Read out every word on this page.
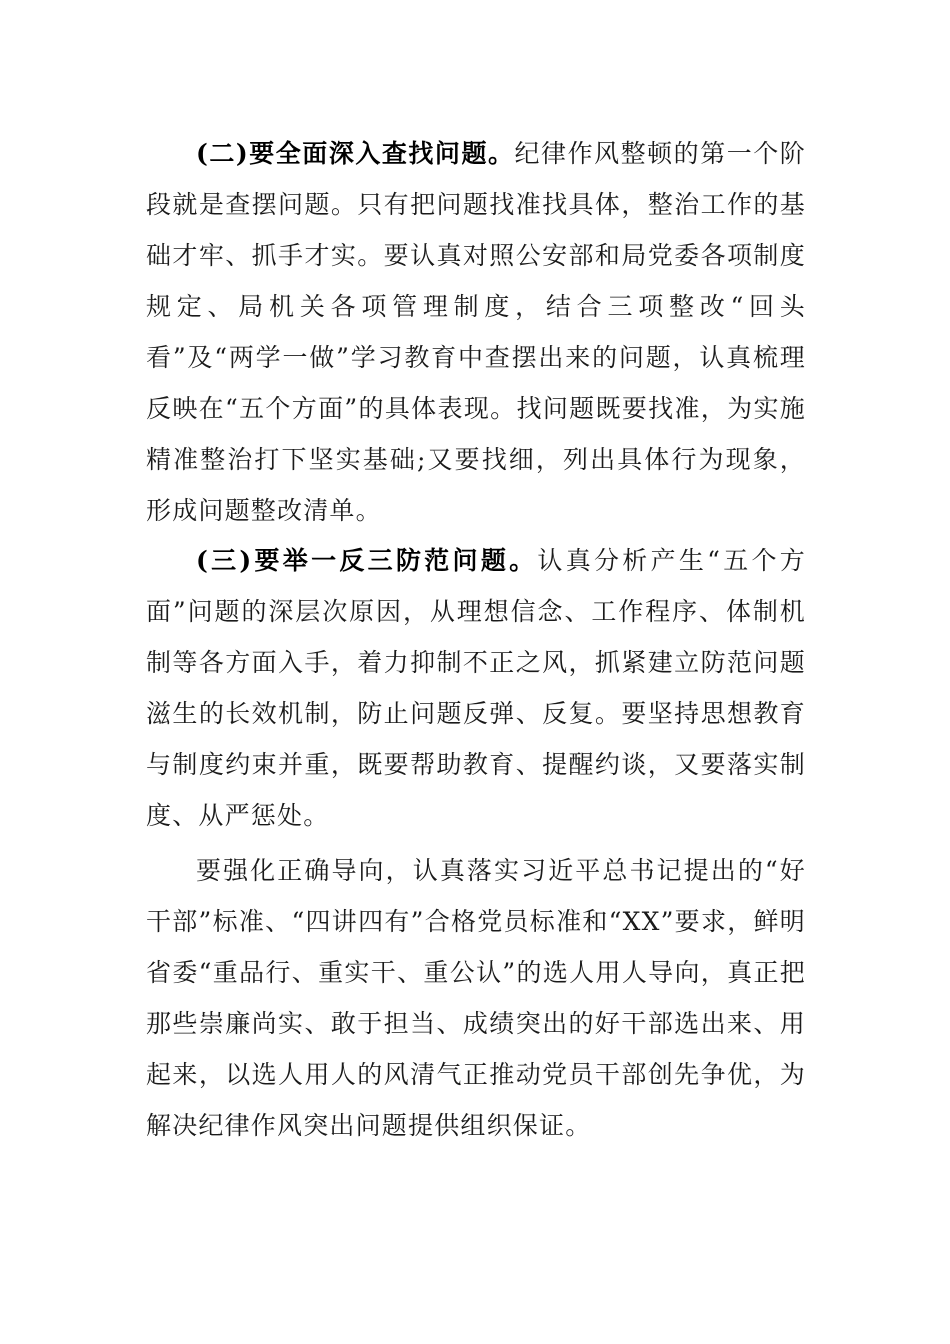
(二)要全面深入查找问题。纪律作风整顿的第一个阶段就是查摆问题。只有把问题找准找具体，整治工作的基础才牢、抓手才实。要认真对照公安部和局党委各项制度规定、局机关各项管理制度，结合三项整改“回头看”及“两学一做”学习教育中查摆出来的问题，认真梳理反映在“五个方面”的具体表现。找问题既要找准，为实施精准整治打下坚实基础;又要找细，列出具体行为现象，形成问题整改清单。

(三)要举一反三防范问题。认真分析产生“五个方面”问题的深层次原因，从理想信念、工作程序、体制机制等各方面入手，着力抑制不正之风，抓紧建立防范问题滋生的长效机制，防止问题反弹、反复。要坚持思想教育与制度约束并重，既要帮助教育、提醒约谈，又要落实制度、从严惩处。

要强化正确导向，认真落实习近平总书记提出的“好干部”标准、“四讲四有”合格党员标准和“XX”要求，鲜明省委“重品行、重实干、重公认”的选人用人导向，真正把那些崇廉尚实、敢于担当、成绩突出的好干部选出来、用起来，以选人用人的风清气正推动党员干部创先争优，为解决纪律作风突出问题提供组织保证。
